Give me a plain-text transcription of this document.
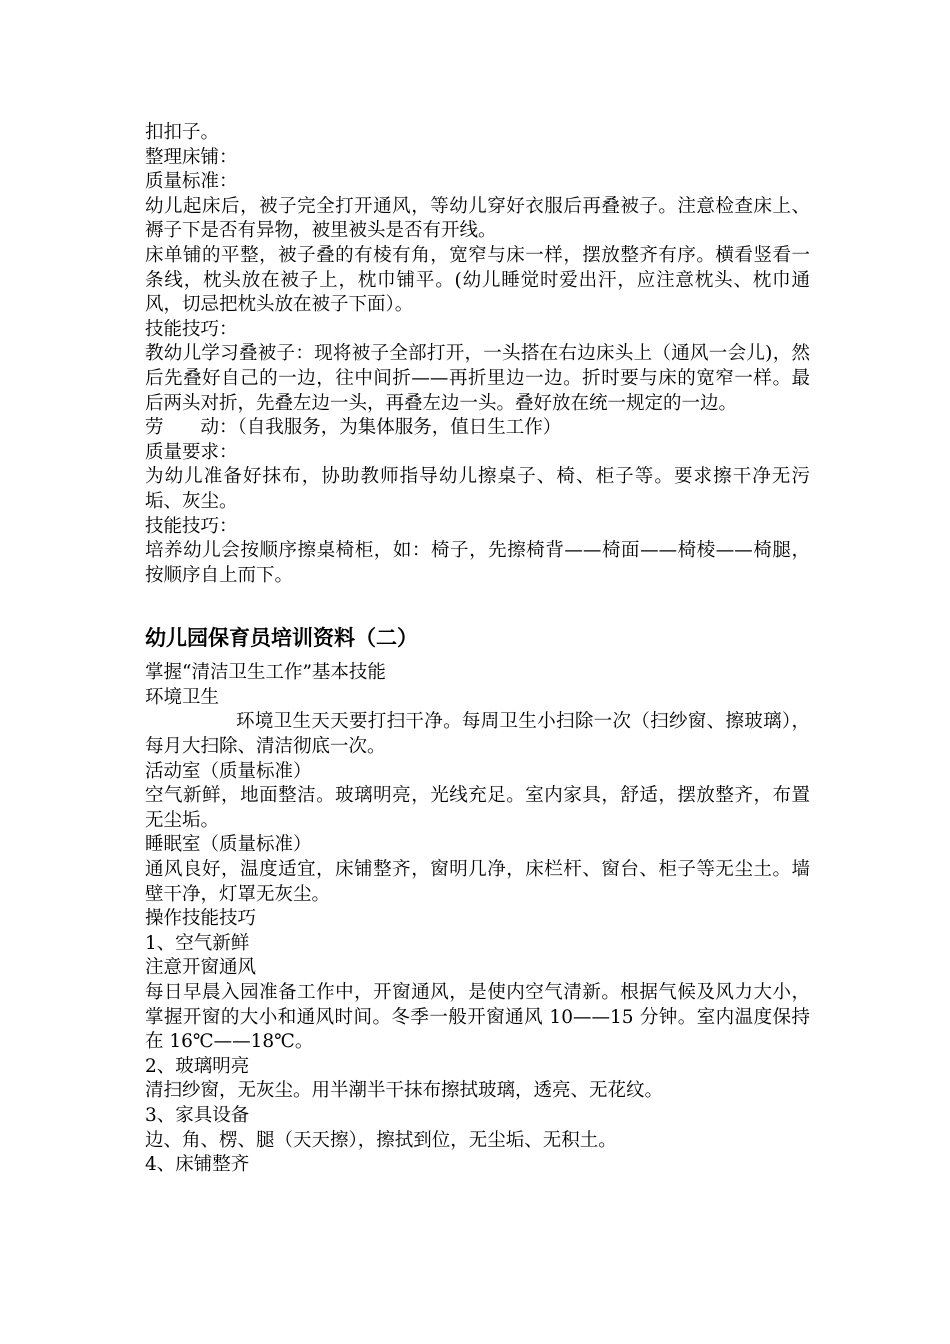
扣扣子。

整理床铺：

质量标准：

幼儿起床后，被子完全打开通风，等幼儿穿好衣服后再叠被子。注意检查床上、褥子下是否有异物，被里被头是否有开线。

床单铺的平整，被子叠的有棱有角，宽窄与床一样，摆放整齐有序。横看竖看一条线，枕头放在被子上，枕巾铺平。(幼儿睡觉时爱出汗，应注意枕头、枕巾通风，切忌把枕头放在被子下面）。

技能技巧：

教幼儿学习叠被子：现将被子全部打开，一头搭在右边床头上（通风一会儿)，然后先叠好自己的一边，往中间折——再折里边一边。折时要与床的宽窄一样。最后两头对折，先叠左边一头，再叠左边一头。叠好放在统一规定的一边。

劳　　动：（自我服务，为集体服务，值日生工作）

质量要求：

为幼儿准备好抹布，协助教师指导幼儿擦桌子、椅、柜子等。要求擦干净无污垢、灰尘。

技能技巧：

培养幼儿会按顺序擦桌椅柜，如：椅子，先擦椅背——椅面——椅棱——椅腿，按顺序自上而下。

幼儿园保育员培训资料（二）

掌握“清洁卫生工作”基本技能

环境卫生

环境卫生天天要打扫干净。每周卫生小扫除一次（扫纱窗、擦玻璃），每月大扫除、清洁彻底一次。

活动室（质量标准）

空气新鲜，地面整洁。玻璃明亮，光线充足。室内家具，舒适，摆放整齐，布置无尘垢。

睡眠室（质量标准）

通风良好，温度适宜，床铺整齐，窗明几净，床栏杆、窗台、柜子等无尘土。墙壁干净，灯罩无灰尘。

操作技能技巧

1、空气新鲜

注意开窗通风

每日早晨入园准备工作中，开窗通风，是使内空气清新。根据气候及风力大小，掌握开窗的大小和通风时间。冬季一般开窗通风 10——15 分钟。室内温度保持在 16℃——18℃。

2、玻璃明亮

清扫纱窗，无灰尘。用半潮半干抹布擦拭玻璃，透亮、无花纹。

3、家具设备

边、角、楞、腿（天天擦），擦拭到位，无尘垢、无积土。

4、床铺整齐
